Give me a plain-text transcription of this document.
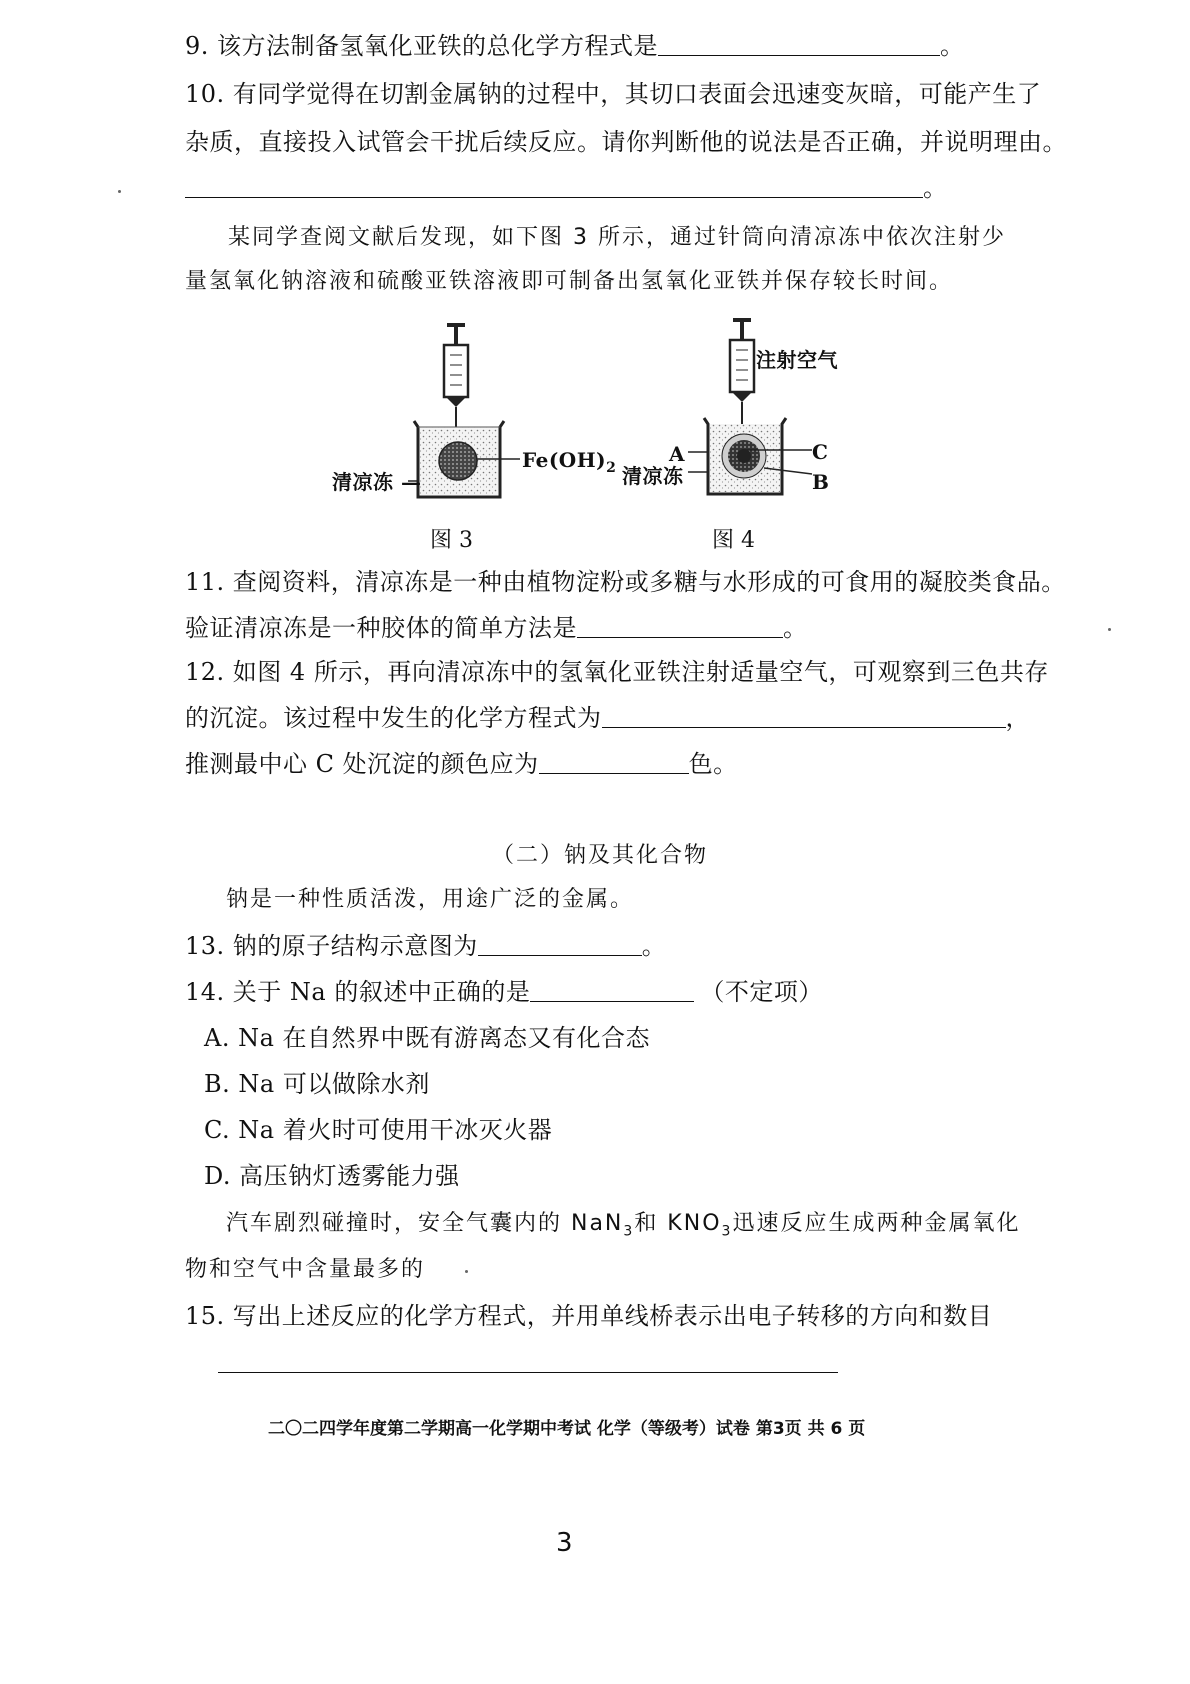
9. 该方法制备氢氧化亚铁的总化学方程式是	。
10. 有同学觉得在切割金属钠的过程中，其切口表面会迅速变灰暗，可能产生了
杂质，直接投入试管会干扰后续反应。请你判断他的说法是否正确，并说明理由。
。
某同学查阅文献后发现，如下图 3 所示，通过针筒向清凉冻中依次注射少
量氢氧化钠溶液和硫酸亚铁溶液即可制备出氢氧化亚铁并保存较长时间。
清凉冻 —
$Fe(OH)_2$
图 3
注射空气
A
清凉冻
C
B
图 4
11. 查阅资料，清凉冻是一种由植物淀粉或多糖与水形成的可食用的凝胶类食品。
验证清凉冻是一种胶体的简单方法是	。
12. 如图 4 所示，再向清凉冻中的氢氧化亚铁注射适量空气，可观察到三色共存
的沉淀。该过程中发生的化学方程式为	，
推测最中心 C 处沉淀的颜色应为	色。
（二）钠及其化合物
钠是一种性质活泼，用途广泛的金属。
13. 钠的原子结构示意图为	。
14. 关于 Na 的叙述中正确的是	（不定项）
A. Na 在自然界中既有游离态又有化合态
B. Na 可以做除水剂
C. Na 着火时可使用干冰灭火器
D. 高压钠灯透雾能力强
汽车剧烈碰撞时，安全气囊内的 NaN$_3$和 $KNO_3$迅速反应生成两种金属氧化
物和空气中含量最多的
15. 写出上述反应的化学方程式，并用单线桥表示出电子转移的方向和数目
二〇二四学年度第二学期高一化学期中考试 化学（等级考）试卷 第3页 共 6 页
3
